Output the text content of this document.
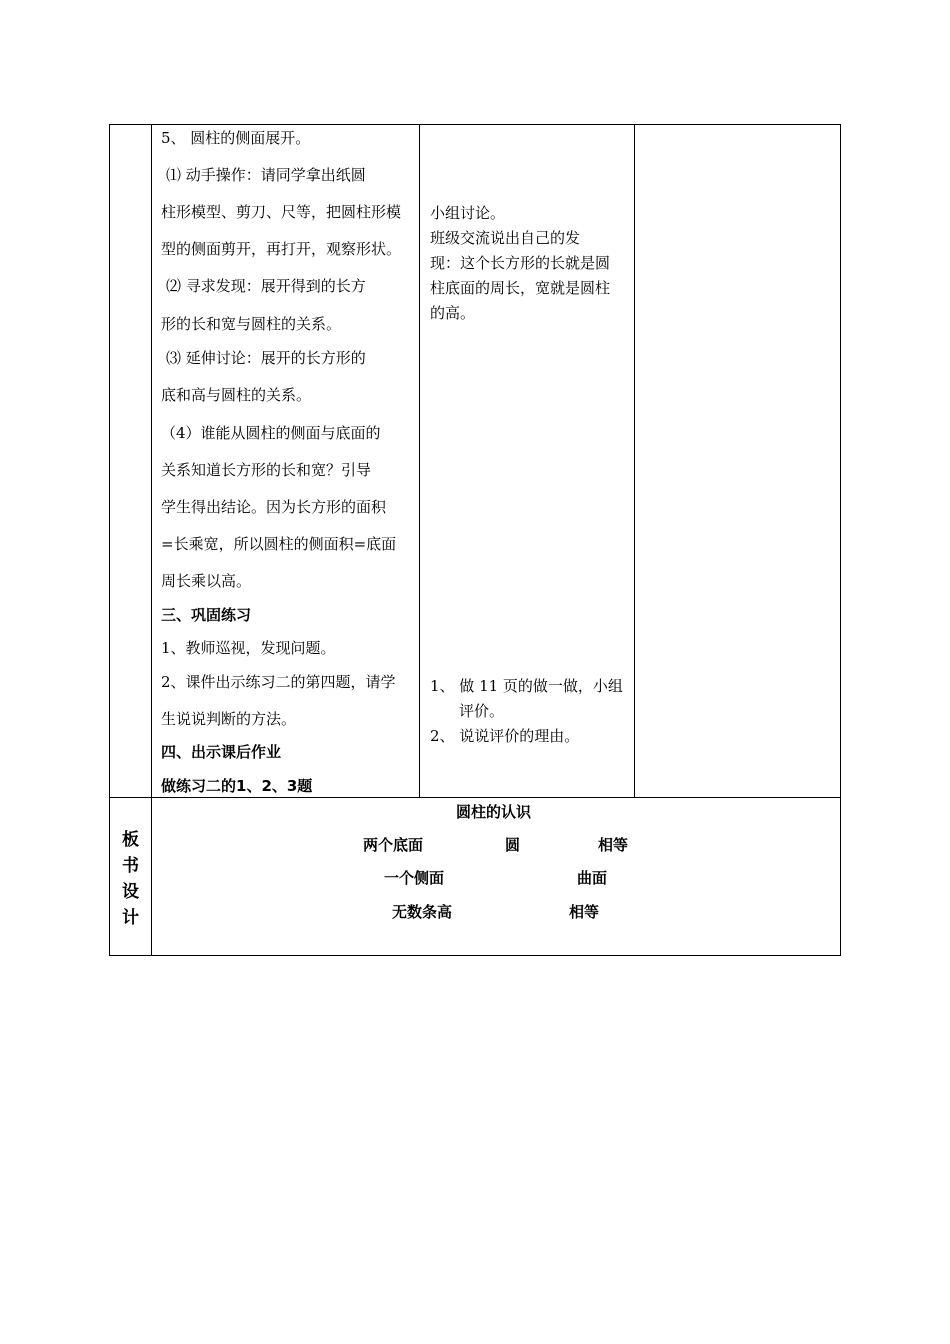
5、 圆柱的侧面展开。
⑴ 动手操作：请同学拿出纸圆
柱形模型、剪刀、尺等，把圆柱形模
型的侧面剪开，再打开，观察形状。
⑵ 寻求发现：展开得到的长方
形的长和宽与圆柱的关系。
⑶ 延伸讨论：展开的长方形的
底和高与圆柱的关系。
（4）谁能从圆柱的侧面与底面的
关系知道长方形的长和宽？引导
学生得出结论。因为长方形的面积
=长乘宽，所以圆柱的侧面积=底面
周长乘以高。
三、巩固练习
1、教师巡视，发现问题。
2、课件出示练习二的第四题，请学
生说说判断的方法。
四、出示课后作业
做练习二的1、2、3题
小组讨论。
班级交流说出自己的发
现：这个长方形的长就是圆
柱底面的周长，宽就是圆柱
的高。
1、 做 11 页的做一做，小组
评价。
2、 说说评价的理由。
板
书
设
计
圆柱的认识
两个底面	圆	相等
一个侧面	曲面
无数条高	相等
